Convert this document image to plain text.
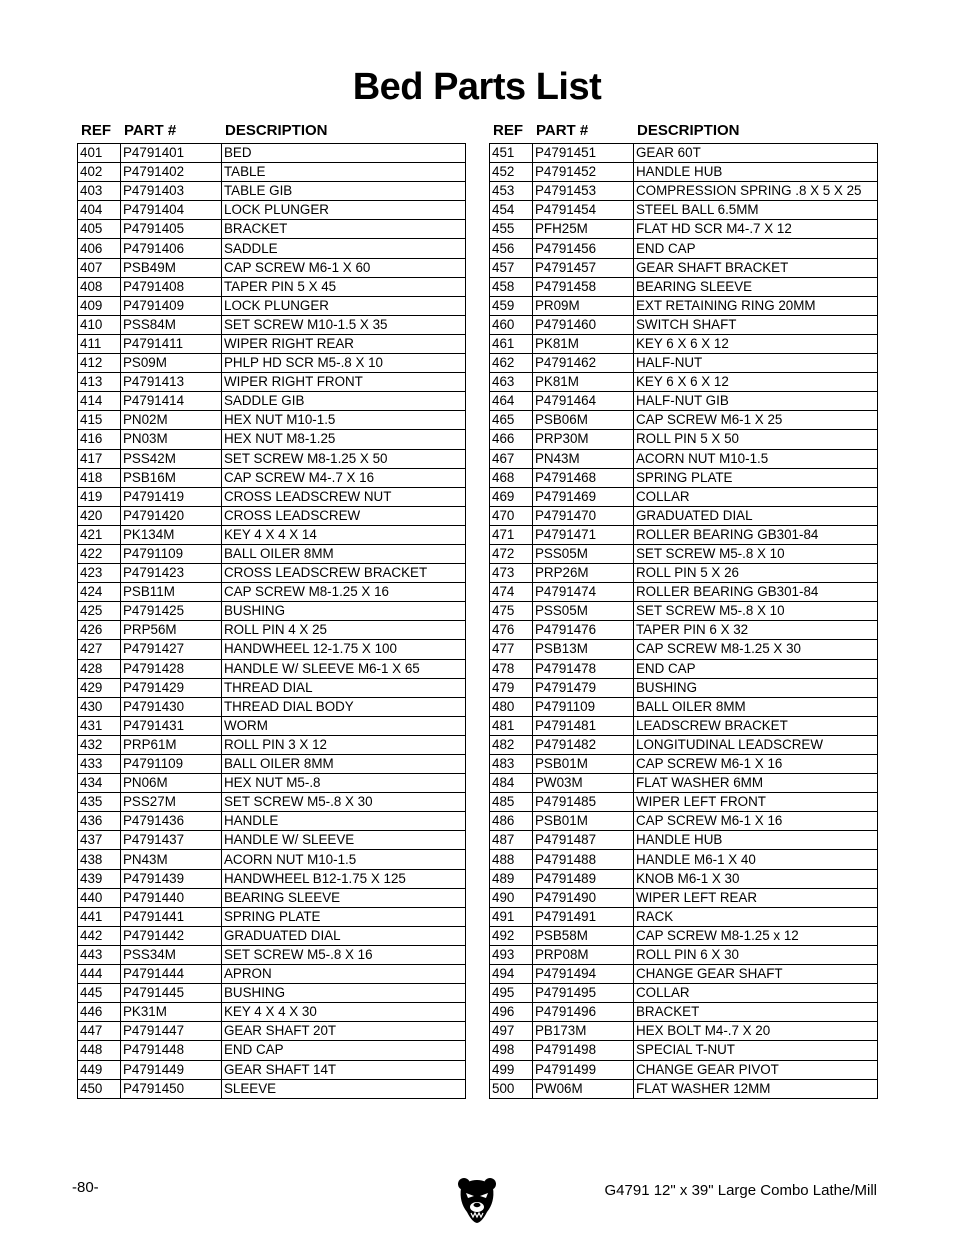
Bed Parts List
REF PART #	DESCRIPTION
401	P4791401	BED
402	P4791402	TABLE
403	P4791403	TABLE GIB
404	P4791404	LOCK PLUNGER
405	P4791405	BRACKET
406	P4791406	SADDLE
407	PSB49M	CAP SCREW M6-1 X 60
408	P4791408	TAPER PIN 5 X 45
409	P4791409	LOCK PLUNGER
410	PSS84M	SET SCREW M10-1.5 X 35
411	P4791411	WIPER RIGHT REAR
412	PS09M	PHLP HD SCR M5-.8 X 10
413	P4791413	WIPER RIGHT FRONT
414	P4791414	SADDLE GIB
415	PN02M	HEX NUT M10-1.5
416	PN03M	HEX NUT M8-1.25
417	PSS42M	SET SCREW M8-1.25 X 50
418	PSB16M	CAP SCREW M4-.7 X 16
419	P4791419	CROSS LEADSCREW NUT
420	P4791420	CROSS LEADSCREW
421	PK134M	KEY 4 X 4 X 14
422	P4791109	BALL OILER 8MM
423	P4791423	CROSS LEADSCREW BRACKET
424	PSB11M	CAP SCREW M8-1.25 X 16
425	P4791425	BUSHING
426	PRP56M	ROLL PIN 4 X 25
427	P4791427	HANDWHEEL 12-1.75 X 100
428	P4791428	HANDLE W/ SLEEVE M6-1 X 65
429	P4791429	THREAD DIAL
430	P4791430	THREAD DIAL BODY
431	P4791431	WORM
432	PRP61M	ROLL PIN 3 X 12
433	P4791109	BALL OILER 8MM
434	PN06M	HEX NUT M5-.8
435	PSS27M	SET SCREW M5-.8 X 30
436	P4791436	HANDLE
437	P4791437	HANDLE W/ SLEEVE
438	PN43M	ACORN NUT M10-1.5
439	P4791439	HANDWHEEL B12-1.75 X 125
440	P4791440	BEARING SLEEVE
441	P4791441	SPRING PLATE
442	P4791442	GRADUATED DIAL
443	PSS34M	SET SCREW M5-.8 X 16
444	P4791444	APRON
445	P4791445	BUSHING
446	PK31M	KEY 4 X 4 X 30
447	P4791447	GEAR SHAFT 20T
448	P4791448	END CAP
449	P4791449	GEAR SHAFT 14T
450	P4791450	SLEEVE
REF PART #	DESCRIPTION
451	P4791451	GEAR 60T
452	P4791452	HANDLE HUB
453	P4791453	COMPRESSION SPRING .8 X 5 X 25
454	P4791454	STEEL BALL 6.5MM
455	PFH25M	FLAT HD SCR M4-.7 X 12
456	P4791456	END CAP
457	P4791457	GEAR SHAFT BRACKET
458	P4791458	BEARING SLEEVE
459	PR09M	EXT RETAINING RING 20MM
460	P4791460	SWITCH SHAFT
461	PK81M	KEY 6 X 6 X 12
462	P4791462	HALF-NUT
463	PK81M	KEY 6 X 6 X 12
464	P4791464	HALF-NUT GIB
465	PSB06M	CAP SCREW M6-1 X 25
466	PRP30M	ROLL PIN 5 X 50
467	PN43M	ACORN NUT M10-1.5
468	P4791468	SPRING PLATE
469	P4791469	COLLAR
470	P4791470	GRADUATED DIAL
471	P4791471	ROLLER BEARING GB301-84
472	PSS05M	SET SCREW M5-.8 X 10
473	PRP26M	ROLL PIN 5 X 26
474	P4791474	ROLLER BEARING GB301-84
475	PSS05M	SET SCREW M5-.8 X 10
476	P4791476	TAPER PIN 6 X 32
477	PSB13M	CAP SCREW M8-1.25 X 30
478	P4791478	END CAP
479	P4791479	BUSHING
480	P4791109	BALL OILER 8MM
481	P4791481	LEADSCREW BRACKET
482	P4791482	LONGITUDINAL LEADSCREW
483	PSB01M	CAP SCREW M6-1 X 16
484	PW03M	FLAT WASHER 6MM
485	P4791485	WIPER LEFT FRONT
486	PSB01M	CAP SCREW M6-1 X 16
487	P4791487	HANDLE HUB
488	P4791488	HANDLE M6-1 X 40
489	P4791489	KNOB M6-1 X 30
490	P4791490	WIPER LEFT REAR
491	P4791491	RACK
492	PSB58M	CAP SCREW M8-1.25 x 12
493	PRP08M	ROLL PIN 6 X 30
494	P4791494	CHANGE GEAR SHAFT
495	P4791495	COLLAR
496	P4791496	BRACKET
497	PB173M	HEX BOLT M4-.7 X 20
498	P4791498	SPECIAL T-NUT
499	P4791499	CHANGE GEAR PIVOT
500	PW06M	FLAT WASHER 12MM
-80-	G4791 12" x 39" Large Combo Lathe/Mill
